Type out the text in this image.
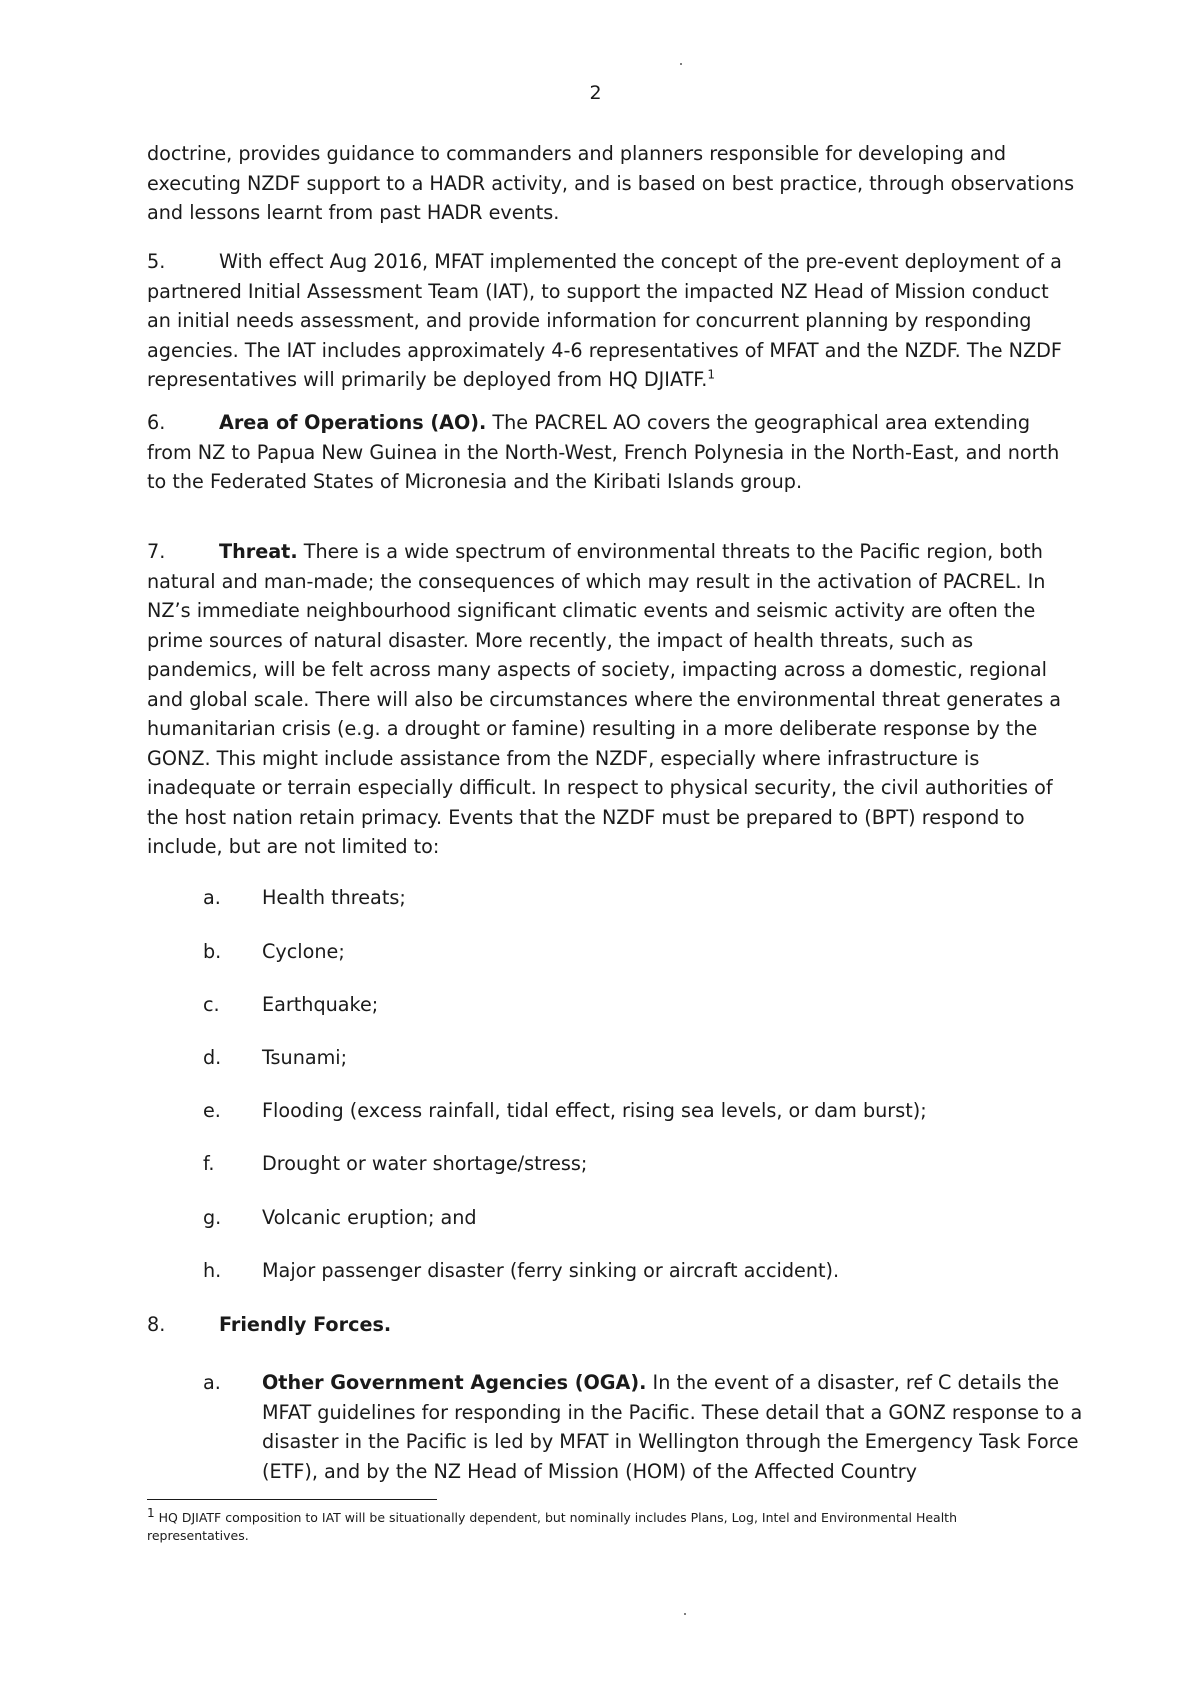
2

doctrine, provides guidance to commanders and planners responsible for developing and executing NZDF support to a HADR activity, and is based on best practice, through observations and lessons learnt from past HADR events.

5.	With effect Aug 2016, MFAT implemented the concept of the pre-event deployment of a partnered Initial Assessment Team (IAT), to support the impacted NZ Head of Mission conduct an initial needs assessment, and provide information for concurrent planning by responding agencies. The IAT includes approximately 4-6 representatives of MFAT and the NZDF. The NZDF representatives will primarily be deployed from HQ DJIATF.$^1$

6.	Area of Operations (AO). The PACREL AO covers the geographical area extending from NZ to Papua New Guinea in the North-West, French Polynesia in the North-East, and north to the Federated States of Micronesia and the Kiribati Islands group.

7.	Threat. There is a wide spectrum of environmental threats to the Pacific region, both natural and man-made; the consequences of which may result in the activation of PACREL. In NZ’s immediate neighbourhood significant climatic events and seismic activity are often the prime sources of natural disaster. More recently, the impact of health threats, such as pandemics, will be felt across many aspects of society, impacting across a domestic, regional and global scale. There will also be circumstances where the environmental threat generates a humanitarian crisis (e.g. a drought or famine) resulting in a more deliberate response by the GONZ. This might include assistance from the NZDF, especially where infrastructure is inadequate or terrain especially difficult. In respect to physical security, the civil authorities of the host nation retain primacy. Events that the NZDF must be prepared to (BPT) respond to include, but are not limited to:

a. Health threats;
b. Cyclone;
c. Earthquake;
d. Tsunami;
e. Flooding (excess rainfall, tidal effect, rising sea levels, or dam burst);
f. Drought or water shortage/stress;
g. Volcanic eruption; and
h. Major passenger disaster (ferry sinking or aircraft accident).
8.	Friendly Forces.
a. Other Government Agencies (OGA). In the event of a disaster, ref C details the MFAT guidelines for responding in the Pacific. These detail that a GONZ response to a disaster in the Pacific is led by MFAT in Wellington through the Emergency Task Force (ETF), and by the NZ Head of Mission (HOM) of the Affected Country
$^1$ HQ DJIATF composition to IAT will be situationally dependent, but nominally includes Plans, Log, Intel and Environmental Health representatives.
